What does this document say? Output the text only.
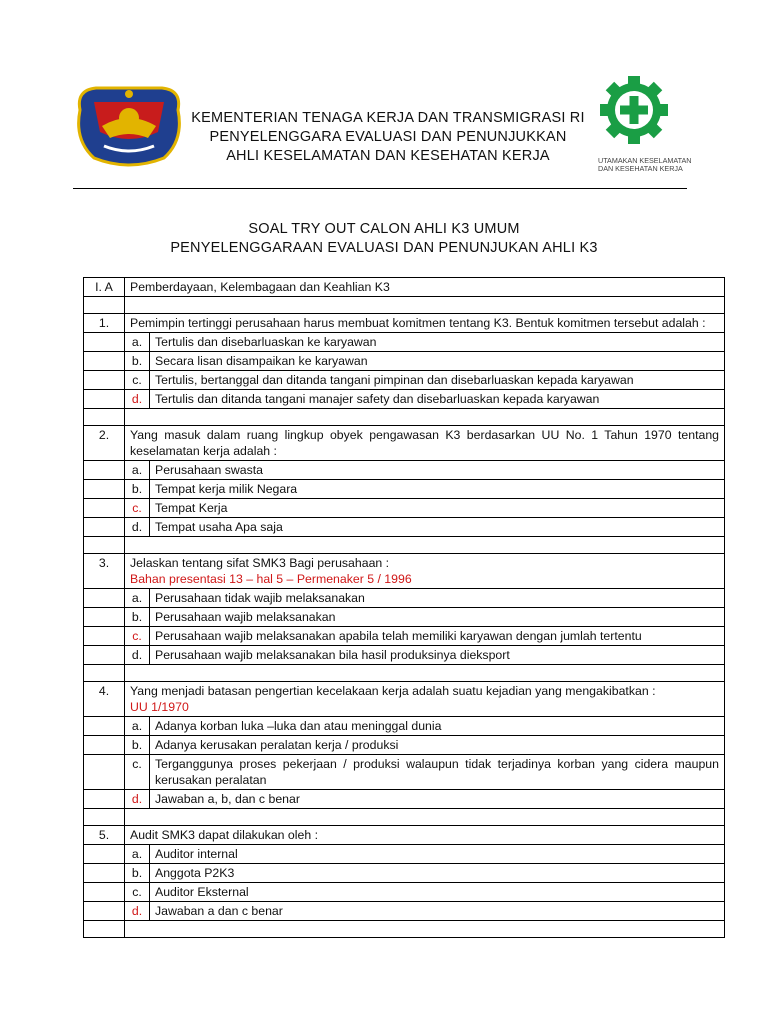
KEMENTERIAN TENAGA KERJA DAN TRANSMIGRASI RI
PENYELENGGARA EVALUASI DAN PENUNJUKKAN
AHLI KESELAMATAN DAN KESEHATAN KERJA	UTAMAKAN KESELAMATAN
DAN KESEHATAN KERJA
SOAL TRY OUT CALON AHLI K3 UMUM
PENYELENGGARAAN EVALUASI DAN PENUNJUKAN AHLI K3
I. A	Pemberdayaan, Kelembagaan dan Keahlian K3	

1.	Pemimpin tertinggi perusahaan harus membuat komitmen tentang K3. Bentuk komitmen tersebut adalah :	

	a.	Tertulis dan disebarluaskan ke karyawan
	b.	Secara lisan disampaikan ke karyawan
	c.	Tertulis, bertanggal dan ditanda tangani pimpinan dan disebarluaskan kepada karyawan
	d.	Tertulis dan ditanda tangani manajer safety dan disebarluaskan kepada karyawan

2.	Yang masuk dalam ruang lingkup obyek pengawasan K3 berdasarkan UU No. 1 Tahun 1970 tentang keselamatan kerja adalah :	

	a.	Perusahaan swasta
	b.	Tempat kerja milik Negara
	c.	Tempat Kerja
	d.	Tempat usaha Apa saja

3.	Jelaskan tentang sifat SMK3 Bagi perusahaan :
Bahan presentasi 13 – hal 5 – Permenaker 5 / 1996	

	a.	Perusahaan tidak wajib melaksanakan
	b.	Perusahaan wajib melaksanakan
	c.	Perusahaan wajib melaksanakan apabila telah memiliki karyawan dengan jumlah tertentu
	d.	Perusahaan wajib melaksanakan bila hasil produksinya dieksport

4.	Yang menjadi batasan pengertian kecelakaan kerja adalah suatu kejadian yang mengakibatkan :
UU 1/1970	

	a.	Adanya korban luka –luka dan atau meninggal dunia
	b.	Adanya kerusakan peralatan kerja / produksi
	c.	Terganggunya proses pekerjaan / produksi walaupun tidak terjadinya korban yang cidera maupun kerusakan peralatan
	d.	Jawaban a, b, dan c benar

5.	Audit SMK3 dapat dilakukan oleh :	

	a.	Auditor internal
	b.	Anggota P2K3
	c.	Auditor Eksternal
	d.	Jawaban a dan c benar
